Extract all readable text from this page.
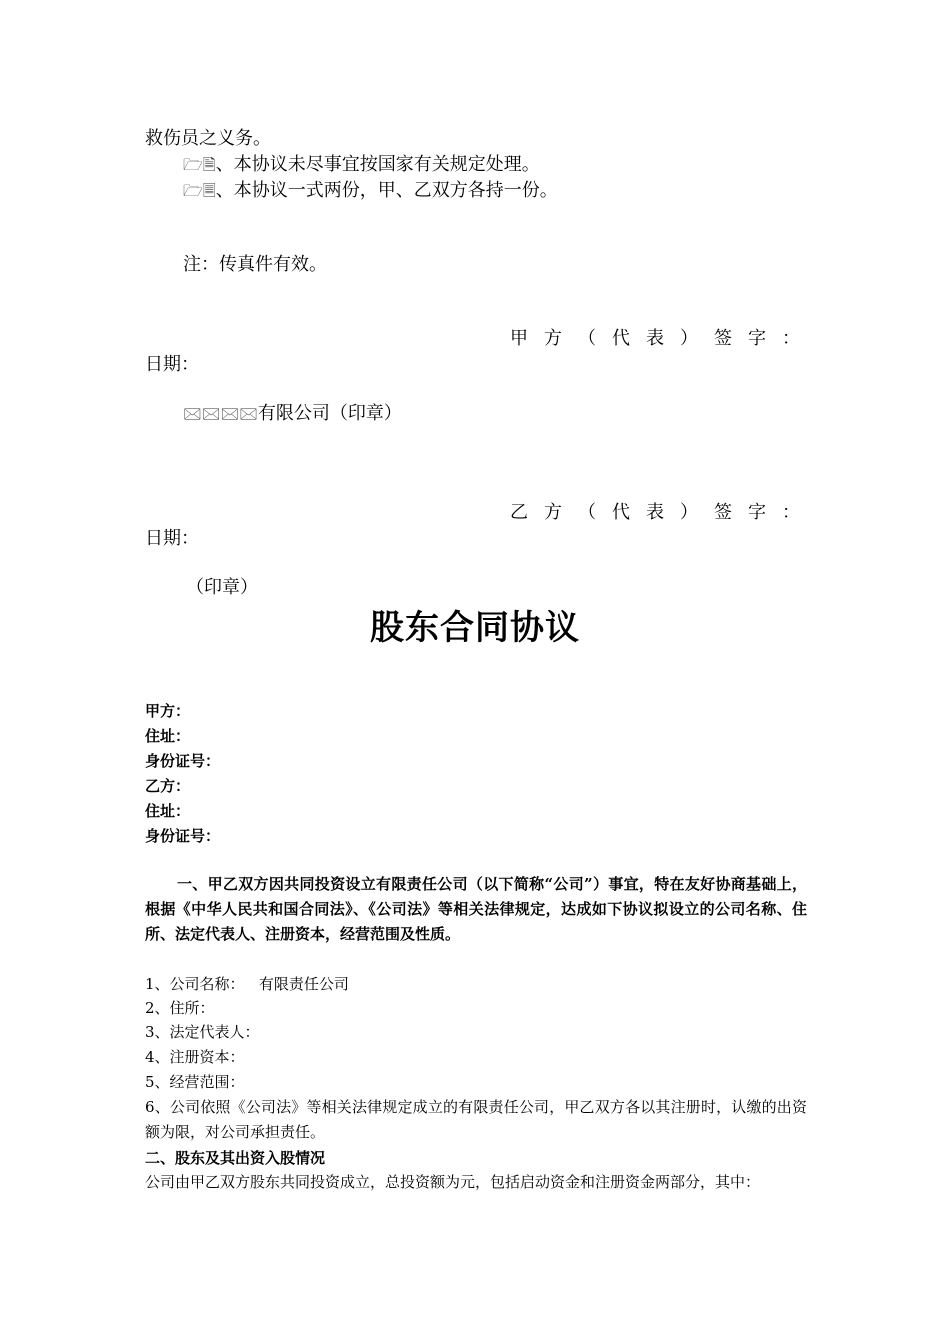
救伤员之义务。
🗁🗎、本协议未尽事宜按国家有关规定处理。
🗁🗏、本协议一式两份，甲、乙双方各持一份。
注：传真件有效。
甲 方 （ 代 表 ） 签 字 ：
日期：
🖂🖂🖂🖂有限公司（印章）
乙 方 （ 代 表 ） 签 字 ：
日期：
（印章）
股东合同协议
甲方：
住址：
身份证号：
乙方：
住址：
身份证号：
一、甲乙双方因共同投资设立有限责任公司（以下简称“公司”）事宜，特在友好协商基础上，根据《中华人民共和国合同法》、《公司法》等相关法律规定，达成如下协议拟设立的公司名称、住所、法定代表人、注册资本，经营范围及性质。
1、公司名称：   有限责任公司
2、住所：
3、法定代表人：
4、注册资本：
5、经营范围：
6、公司依照《公司法》等相关法律规定成立的有限责任公司，甲乙双方各以其注册时，认缴的出资额为限，对公司承担责任。
二、股东及其出资入股情况
公司由甲乙双方股东共同投资成立，总投资额为元，包括启动资金和注册资金两部分，其中：
